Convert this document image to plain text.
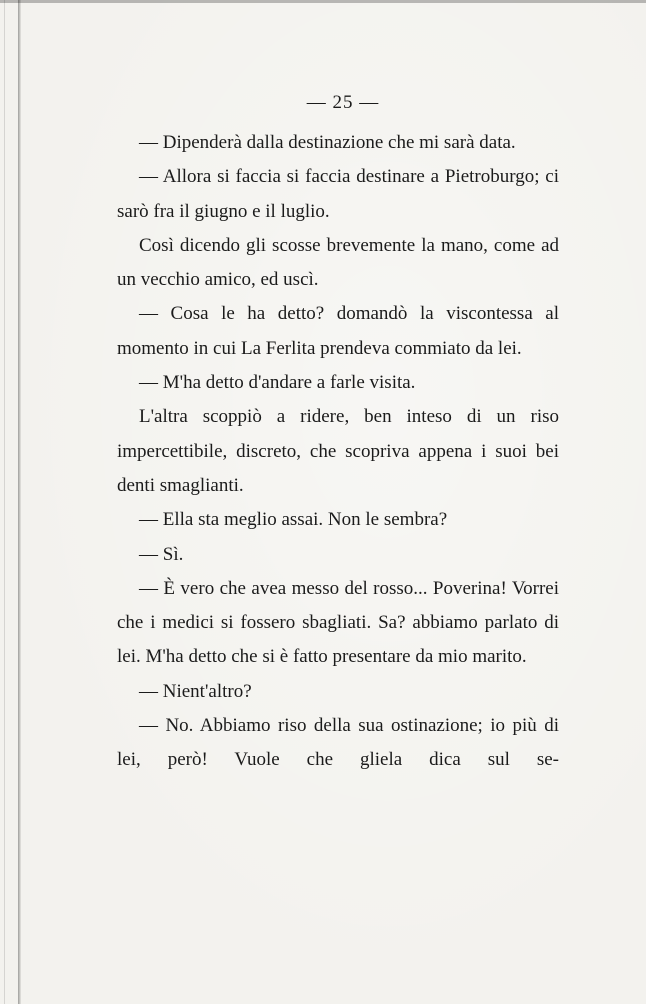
— 25 —

— Dipenderà dalla destinazione che mi sarà data.

— Allora si faccia si faccia destinare a Pietroburgo; ci sarò fra il giugno e il luglio.

Così dicendo gli scosse brevemente la mano, come ad un vecchio amico, ed uscì.

— Cosa le ha detto? domandò la viscontessa al momento in cui La Ferlita prendeva commiato da lei.

— M'ha detto d'andare a farle visita.

L'altra scoppiò a ridere, ben inteso di un riso impercettibile, discreto, che scopriva appena i suoi bei denti smaglianti.

— Ella sta meglio assai. Non le sembra?

— Sì.

— È vero che avea messo del rosso... Poverina! Vorrei che i medici si fossero sbagliati. Sa? abbiamo parlato di lei. M'ha detto che si è fatto presentare da mio marito.

— Nient'altro?

— No. Abbiamo riso della sua ostinazione; io più di lei, però! Vuole che gliela dica sul se-
